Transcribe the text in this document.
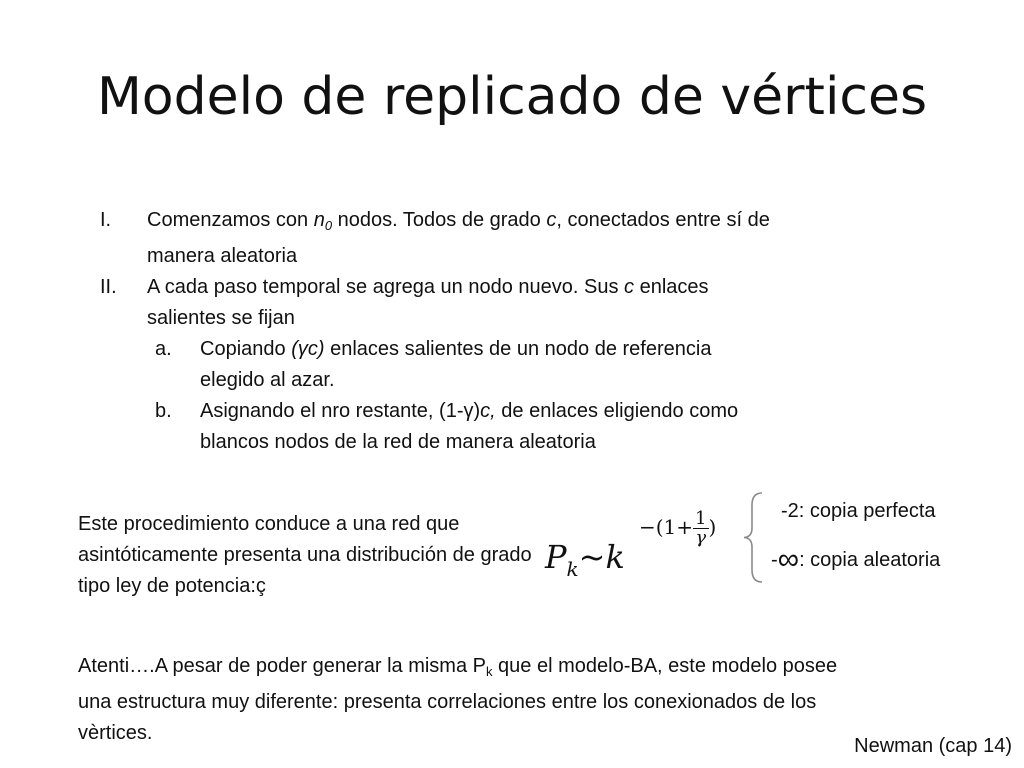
Modelo de replicado de vértices
I. Comenzamos con $n_0$ nodos. Todos de grado c, conectados entre sí de manera aleatoria
II. A cada paso temporal se agrega un nodo nuevo. Sus c enlaces salientes se fijan
a. Copiando (γc) enlaces salientes de un nodo de referencia elegido al azar.
b. Asignando el nro restante, (1-γ)c, de enlaces eligiendo como blancos nodos de la red de manera aleatoria
Este procedimiento conduce a una red que asintóticamente presenta una distribución de grado tipo ley de potencia:ç
$P_k\sim k$
$-(1+ \frac{1}{\gamma}$ )
-2: copia perfecta
-∞: copia aleatoria
Atenti….A pesar de poder generar la misma $P_k$ que el modelo-BA, este modelo posee una estructura muy diferente: presenta correlaciones entre los conexionados de los vèrtices.
Newman (cap 14)
